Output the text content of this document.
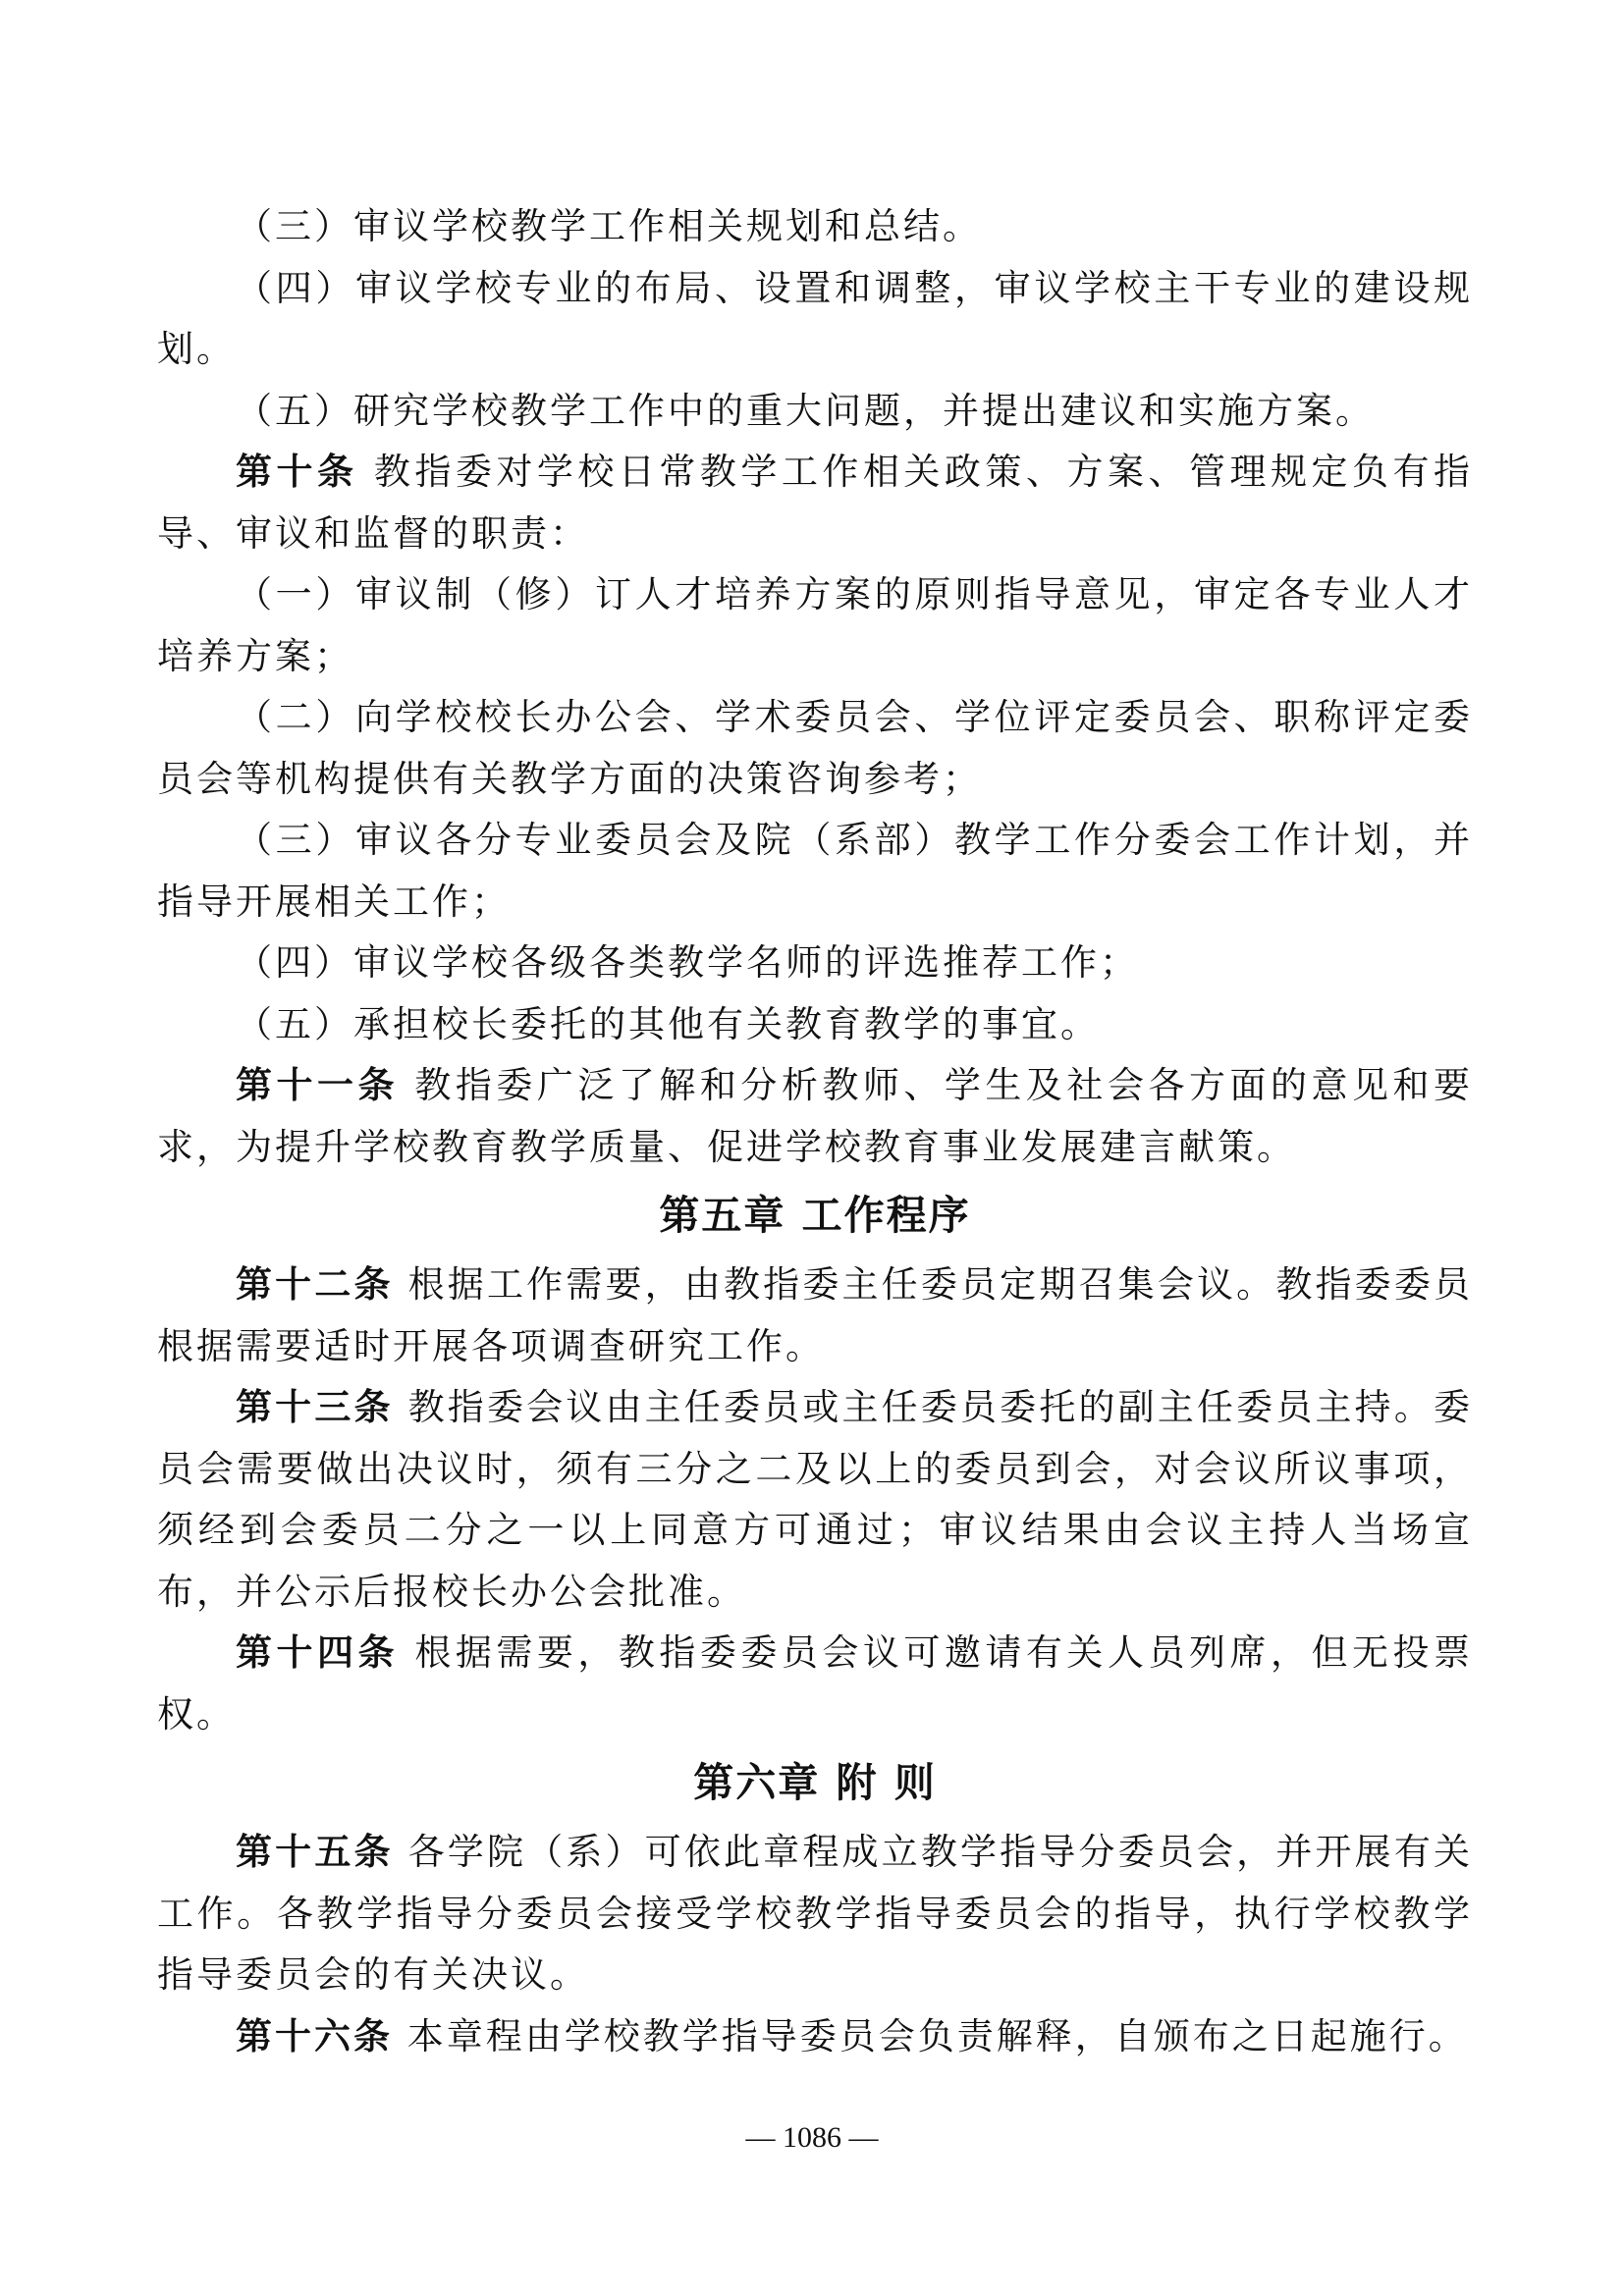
（三）审议学校教学工作相关规划和总结。

（四）审议学校专业的布局、设置和调整，审议学校主干专业的建设规划。

（五）研究学校教学工作中的重大问题，并提出建议和实施方案。

第十条 教指委对学校日常教学工作相关政策、方案、管理规定负有指导、审议和监督的职责：

（一）审议制（修）订人才培养方案的原则指导意见，审定各专业人才培养方案；

（二）向学校校长办公会、学术委员会、学位评定委员会、职称评定委员会等机构提供有关教学方面的决策咨询参考；

（三）审议各分专业委员会及院（系部）教学工作分委会工作计划，并指导开展相关工作；

（四）审议学校各级各类教学名师的评选推荐工作；

（五）承担校长委托的其他有关教育教学的事宜。

第十一条 教指委广泛了解和分析教师、学生及社会各方面的意见和要求，为提升学校教育教学质量、促进学校教育事业发展建言献策。

第五章 工作程序

第十二条 根据工作需要，由教指委主任委员定期召集会议。教指委委员根据需要适时开展各项调查研究工作。

第十三条 教指委会议由主任委员或主任委员委托的副主任委员主持。委员会需要做出决议时，须有三分之二及以上的委员到会，对会议所议事项，须经到会委员二分之一以上同意方可通过；审议结果由会议主持人当场宣布，并公示后报校长办公会批准。

第十四条 根据需要，教指委委员会议可邀请有关人员列席，但无投票权。

第六章 附 则

第十五条 各学院（系）可依此章程成立教学指导分委员会，并开展有关工作。各教学指导分委员会接受学校教学指导委员会的指导，执行学校教学指导委员会的有关决议。

第十六条 本章程由学校教学指导委员会负责解释，自颁布之日起施行。

— 1086 —
